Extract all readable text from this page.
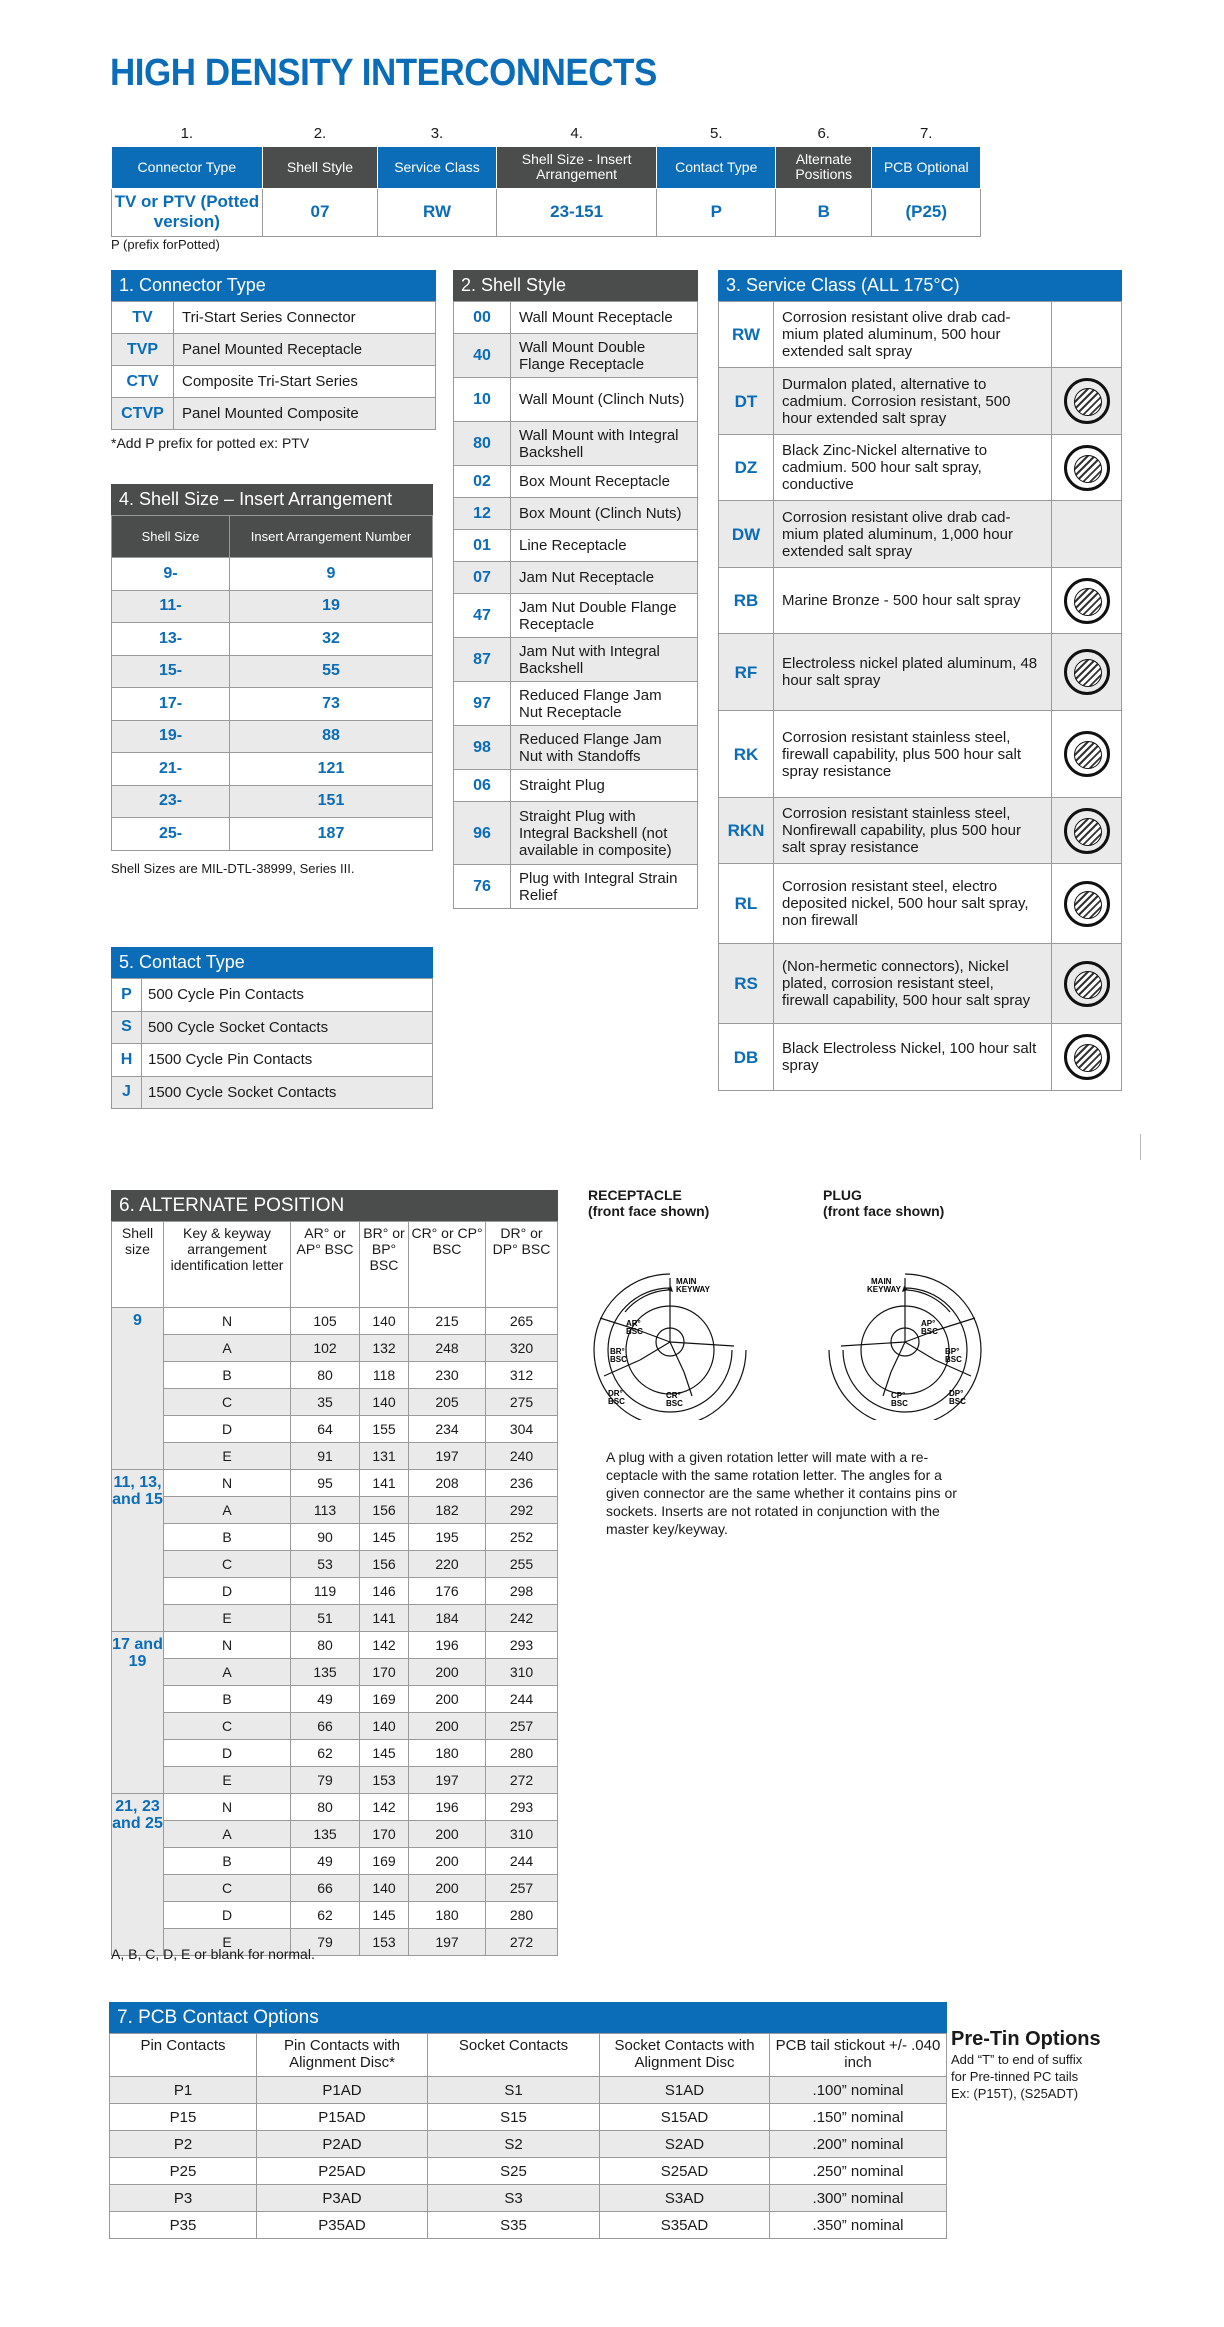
HIGH DENSITY INTERCONNECTS
1.	2.	3.	4.	5.	6.	7.
Connector Type	Shell Style	Service Class	Shell Size - Insert Arrangement	Contact Type	Alternate Positions	PCB Optional
TV or PTV (Potted version)	07	RW	23-151	P	B	(P25)
P (prefix forPotted)
1. Connector Type
TV	Tri-Start Series Connector
TVP	Panel Mounted Receptacle
CTV	Composite Tri-Start Series
CTVP	Panel Mounted Composite
*Add P prefix for potted ex: PTV
4. Shell Size – Insert Arrangement
Shell Size	Insert Arrangement Number
9-	9
11-	19
13-	32
15-	55
17-	73
19-	88
21-	121
23-	151
25-	187
Shell Sizes are MIL-DTL-38999, Series III.
5. Contact Type
P	500 Cycle Pin Contacts
S	500 Cycle Socket Contacts
H	1500 Cycle Pin Contacts
J	1500 Cycle Socket Contacts
2. Shell Style
00	Wall Mount Receptacle
40	Wall Mount Double Flange Receptacle
10	Wall Mount (Clinch Nuts)
80	Wall Mount with Integral Backshell
02	Box Mount Receptacle
12	Box Mount (Clinch Nuts)
01	Line Receptacle
07	Jam Nut Receptacle
47	Jam Nut Double Flange Receptacle
87	Jam Nut with Integral Backshell
97	Reduced Flange Jam Nut Receptacle
98	Reduced Flange Jam Nut with Standoffs
06	Straight Plug
96	Straight Plug with Integral Backshell (not available in composite)
76	Plug with Integral Strain Relief
3. Service Class (ALL 175°C)
RW	Corrosion resistant olive drab cad-mium plated aluminum, 500 hour extended salt spray	
DT	Durmalon plated, alternative to cadmium. Corrosion resistant, 500 hour extended salt spray	
DZ	Black Zinc-Nickel alternative to cadmium. 500 hour salt spray, conductive	
DW	Corrosion resistant olive drab cad-mium plated aluminum, 1,000 hour extended salt spray	
RB	Marine Bronze - 500 hour salt spray	
RF	Electroless nickel plated aluminum, 48 hour salt spray	
RK	Corrosion resistant stainless steel, firewall capability, plus 500 hour salt spray resistance	
RKN	Corrosion resistant stainless steel, Nonfirewall capability, plus 500 hour salt spray resistance	
RL	Corrosion resistant steel, electro deposited nickel, 500 hour salt spray, non firewall	
RS	(Non-hermetic connectors), Nickel plated, corrosion resistant steel, firewall capability, 500 hour salt spray	
DB	Black Electroless Nickel, 100 hour salt spray	
6. ALTERNATE POSITION
Shell size	Key & keyway arrangement identification letter	AR° or AP° BSC	BR° or BP° BSC	CR° or CP° BSC	DR° or DP° BSC
9	N	105	140	215	265
	A	102	132	248	320
	B	80	118	230	312
	C	35	140	205	275
	D	64	155	234	304
	E	91	131	197	240
11, 13, and 15	N	95	141	208	236
	A	113	156	182	292
	B	90	145	195	252
	C	53	156	220	255
	D	119	146	176	298
	E	51	141	184	242
17 and 19	N	80	142	196	293
	A	135	170	200	310
	B	49	169	200	244
	C	66	140	200	257
	D	62	145	180	280
	E	79	153	197	272
21, 23 and 25	N	80	142	196	293
	A	135	170	200	310
	B	49	169	200	244
	C	66	140	200	257
	D	62	145	180	280
	E	79	153	197	272
A, B, C, D, E or blank for normal.
RECEPTACLE
(front face shown)
PLUG
(front face shown)
MAIN
KEYWAY
AR°
BSC
BR°
BSC
DR°
BSC
CR°
BSC
MAIN
KEYWAY
AP°
BSC
BP°
BSC
DP°
BSC
CP°
BSC
A plug with a given rotation letter will mate with a re-ceptacle with the same rotation letter. The angles for a given connector are the same whether it contains pins or sockets. Inserts are not rotated in conjunction with the master key/keyway.
7. PCB Contact Options
Pin Contacts	Pin Contacts with Alignment Disc*	Socket Contacts	Socket Contacts with Alignment Disc	PCB tail stickout +/- .040 inch
P1	P1AD	S1	S1AD	.100” nominal
P15	P15AD	S15	S15AD	.150” nominal
P2	P2AD	S2	S2AD	.200” nominal
P25	P25AD	S25	S25AD	.250” nominal
P3	P3AD	S3	S3AD	.300” nominal
P35	P35AD	S35	S35AD	.350” nominal
Pre-Tin Options
Add “T” to end of suffix
for Pre-tinned PC tails
Ex: (P15T), (S25ADT)
